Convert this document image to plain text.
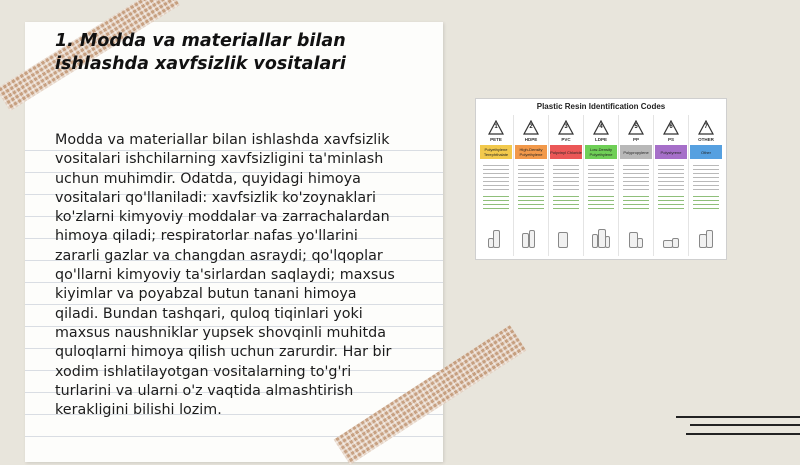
1. Modda va materiallar bilan ishlashda xavfsizlik vositalari

Modda va materiallar bilan ishlashda xavfsizlik vositalari ishchilarning xavfsizligini ta'minlash uchun muhimdir. Odatda, quyidagi himoya vositalari qo'llaniladi: xavfsizlik ko'zoynaklari ko'zlarni kimyoviy moddalar va zarrachalardan himoya qiladi; respiratorlar nafas yo'llarini zararli gazlar va changdan asraydi; qo'lqoplar qo'llarni kimyoviy ta'sirlardan saqlaydi; maxsus kiyimlar va poyabzal butun tanani himoya qiladi. Bundan tashqari, quloq tiqinlari yoki maxsus naushniklar yupsek shovqinli muhitda quloqlarni himoya qilish uchun zarurdir. Har bir xodim ishlatilayotgan vositalarning to'g'ri turlarini va ularni o'z vaqtida almashtirish kerakligini bilishi lozim.

Plastic Resin Identification Codes
1
PETE
Polyethylene Terephthalate
2
HDPE
High-Density Polyethylene
3
PVC
Polyvinyl Chloride
4
LDPE
Low-Density Polyethylene
5
PP
Polypropylene
6
PS
Polystyrene
7
OTHER
Other
